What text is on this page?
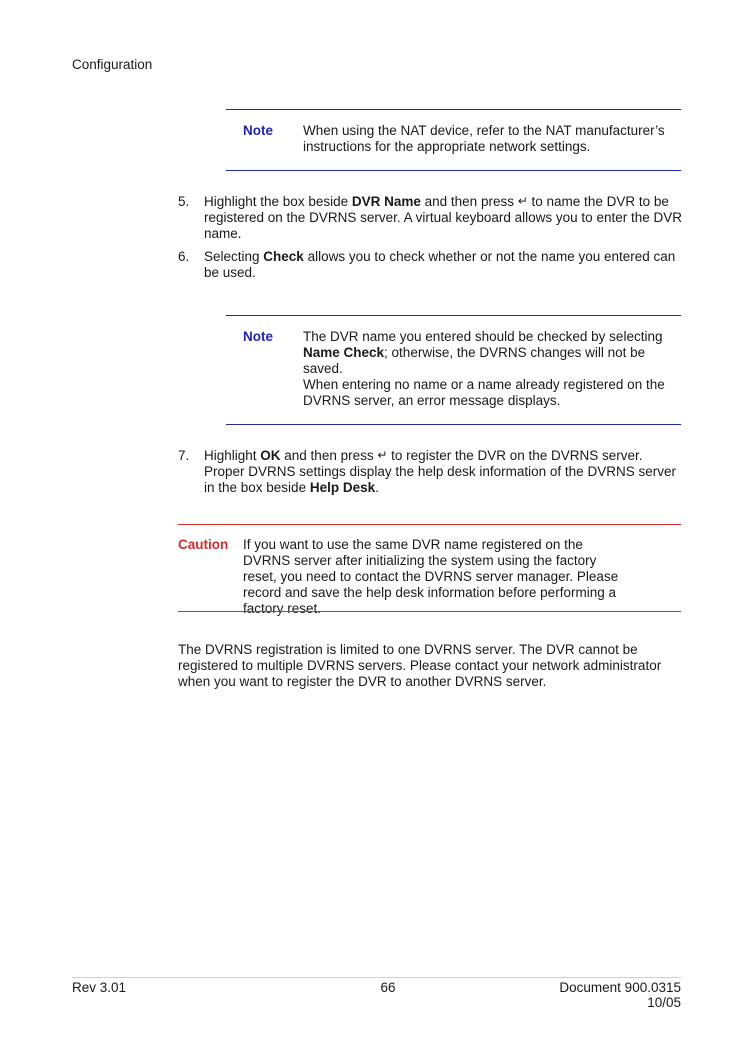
Configuration
Note When using the NAT device, refer to the NAT manufacturer’s instructions for the appropriate network settings.
5. Highlight the box beside DVR Name and then press ↵ to name the DVR to be registered on the DVRNS server. A virtual keyboard allows you to enter the DVR name.
6. Selecting Check allows you to check whether or not the name you entered can be used.
Note The DVR name you entered should be checked by selecting Name Check; otherwise, the DVRNS changes will not be saved.
When entering no name or a name already registered on the DVRNS server, an error message displays.
7. Highlight OK and then press ↵ to register the DVR on the DVRNS server. Proper DVRNS settings display the help desk information of the DVRNS server in the box beside Help Desk.
Caution If you want to use the same DVR name registered on the DVRNS server after initializing the system using the factory reset, you need to contact the DVRNS server manager. Please record and save the help desk information before performing a factory reset.
The DVRNS registration is limited to one DVRNS server. The DVR cannot be registered to multiple DVRNS servers. Please contact your network administrator when you want to register the DVR to another DVRNS server.
Rev 3.01	66	Document 900.0315
10/05
